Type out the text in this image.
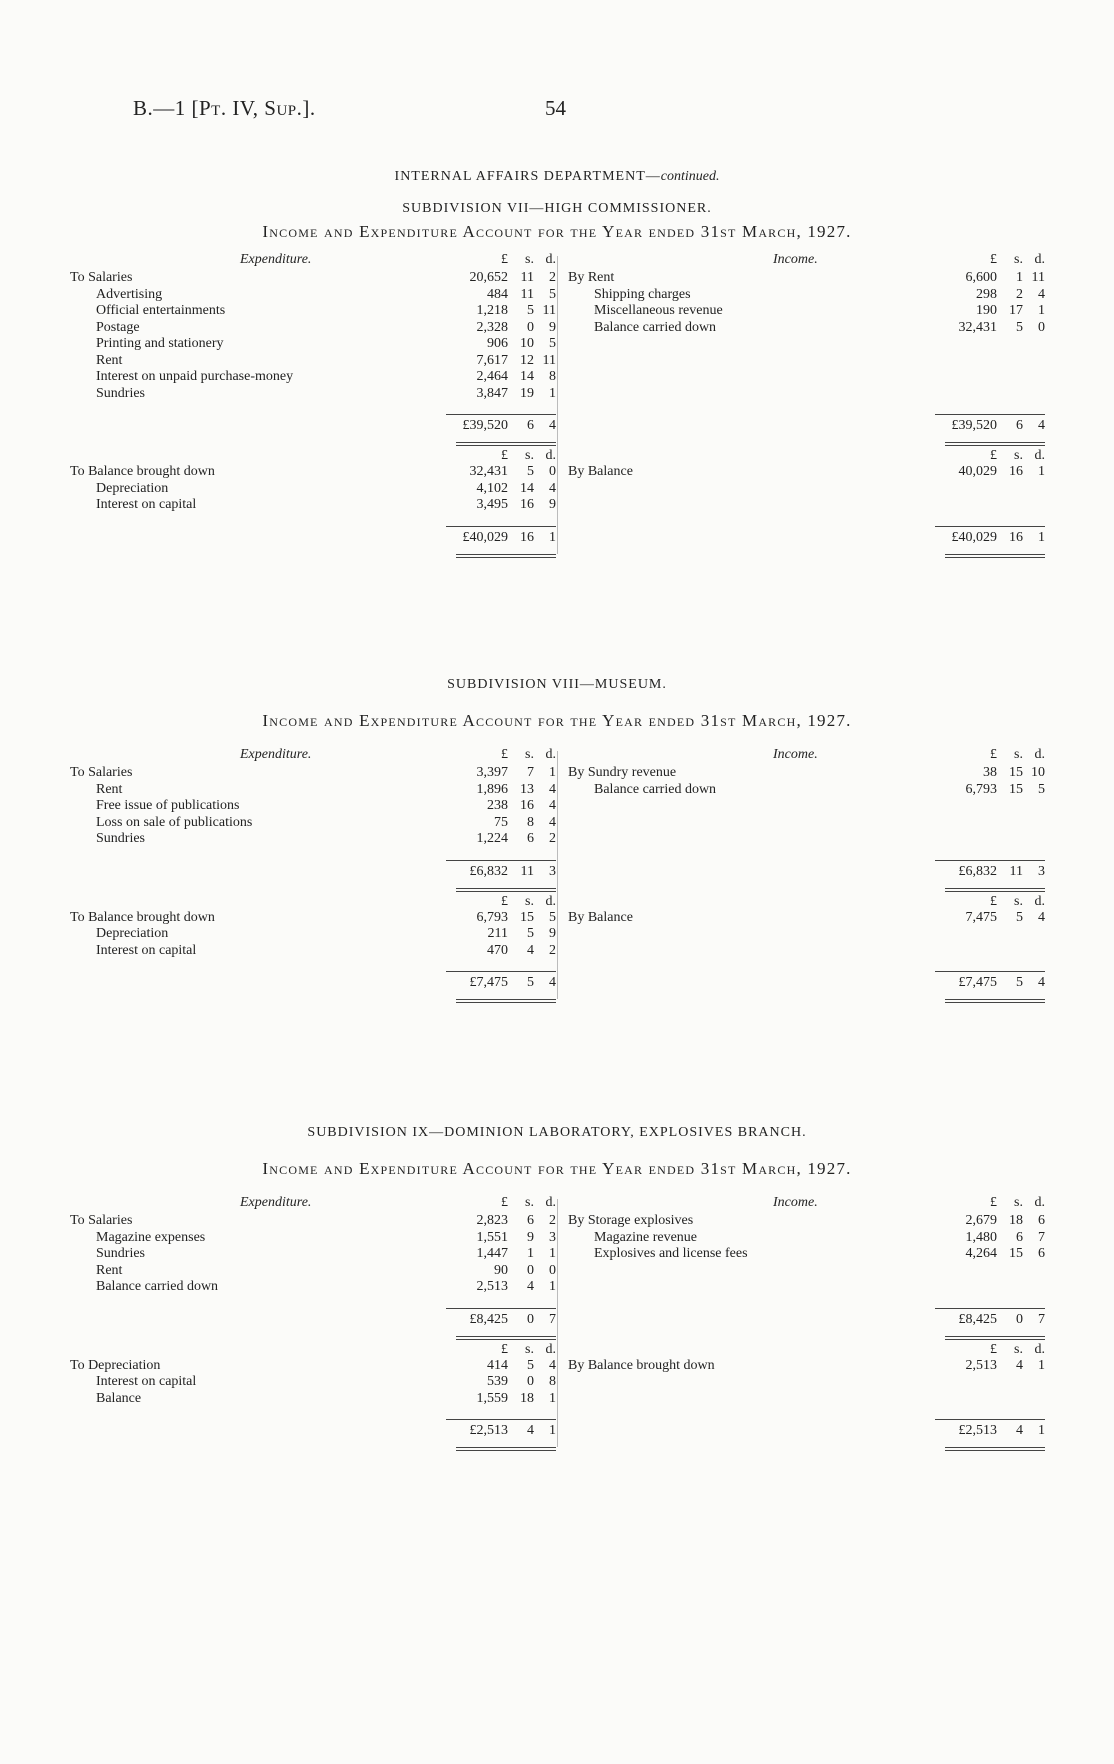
B.—1 [Pt. IV, Sup.].	54
INTERNAL AFFAIRS DEPARTMENT—continued.
SUBDIVISION VII—HIGH COMMISSIONER.
Income and Expenditure Account for the Year ended 31st March, 1927.
Expenditure.	£ s. d.
To Salaries	20,652 11 2
Advertising	484 11 5
Official entertainments	1,218 5 11
Postage	2,328 0 9
Printing and stationery	906 10 5
Rent	7,617 12 11
Interest on unpaid purchase-money	2,464 14 8
Sundries	3,847 19 1
£39,520 6 4
£ s. d.
To Balance brought down	32,431 5 0
Depreciation	4,102 14 4
Interest on capital	3,495 16 9
£40,029 16 1
Income.	£ s. d.
By Rent	6,600 1 11
Shipping charges	298 2 4
Miscellaneous revenue	190 17 1
Balance carried down	32,431 5 0
£39,520 6 4
£ s. d.
By Balance	40,029 16 1
£40,029 16 1
SUBDIVISION VIII—MUSEUM.
Income and Expenditure Account for the Year ended 31st March, 1927.
Expenditure.	£ s. d.
To Salaries	3,397 7 1
Rent	1,896 13 4
Free issue of publications	238 16 4
Loss on sale of publications	75 8 4
Sundries	1,224 6 2
£6,832 11 3
£ s. d.
To Balance brought down	6,793 15 5
Depreciation	211 5 9
Interest on capital	470 4 2
£7,475 5 4
Income.	£ s. d.
By Sundry revenue	38 15 10
Balance carried down	6,793 15 5
£6,832 11 3
£ s. d.
By Balance	7,475 5 4
£7,475 5 4
SUBDIVISION IX—DOMINION LABORATORY, EXPLOSIVES BRANCH.
Income and Expenditure Account for the Year ended 31st March, 1927.
Expenditure.	£ s. d.
To Salaries	2,823 6 2
Magazine expenses	1,551 9 3
Sundries	1,447 1 1
Rent	90 0 0
Balance carried down	2,513 4 1
£8,425 0 7
£ s. d.
To Depreciation	414 5 4
Interest on capital	539 0 8
Balance	1,559 18 1
£2,513 4 1
Income.	£ s. d.
By Storage explosives	2,679 18 6
Magazine revenue	1,480 6 7
Explosives and license fees	4,264 15 6
£8,425 0 7
£ s. d.
By Balance brought down	2,513 4 1
£2,513 4 1
